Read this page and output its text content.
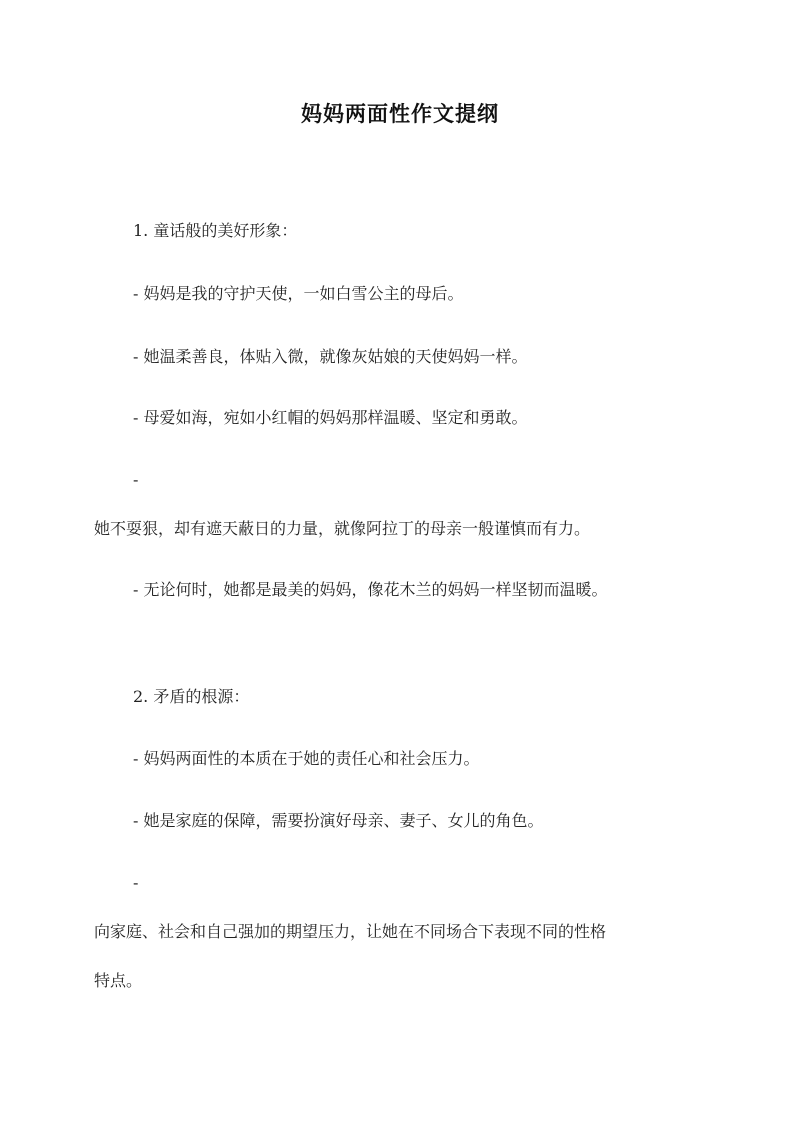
妈妈两面性作文提纲
1. 童话般的美好形象：
- 妈妈是我的守护天使，一如白雪公主的母后。
- 她温柔善良，体贴入微，就像灰姑娘的天使妈妈一样。
- 母爱如海，宛如小红帽的妈妈那样温暖、坚定和勇敢。
-
她不耍狠，却有遮天蔽日的力量，就像阿拉丁的母亲一般谨慎而有力。
- 无论何时，她都是最美的妈妈，像花木兰的妈妈一样坚韧而温暖。
2. 矛盾的根源：
- 妈妈两面性的本质在于她的责任心和社会压力。
- 她是家庭的保障，需要扮演好母亲、妻子、女儿的角色。
-
向家庭、社会和自己强加的期望压力，让她在不同场合下表现不同的性格
特点。
